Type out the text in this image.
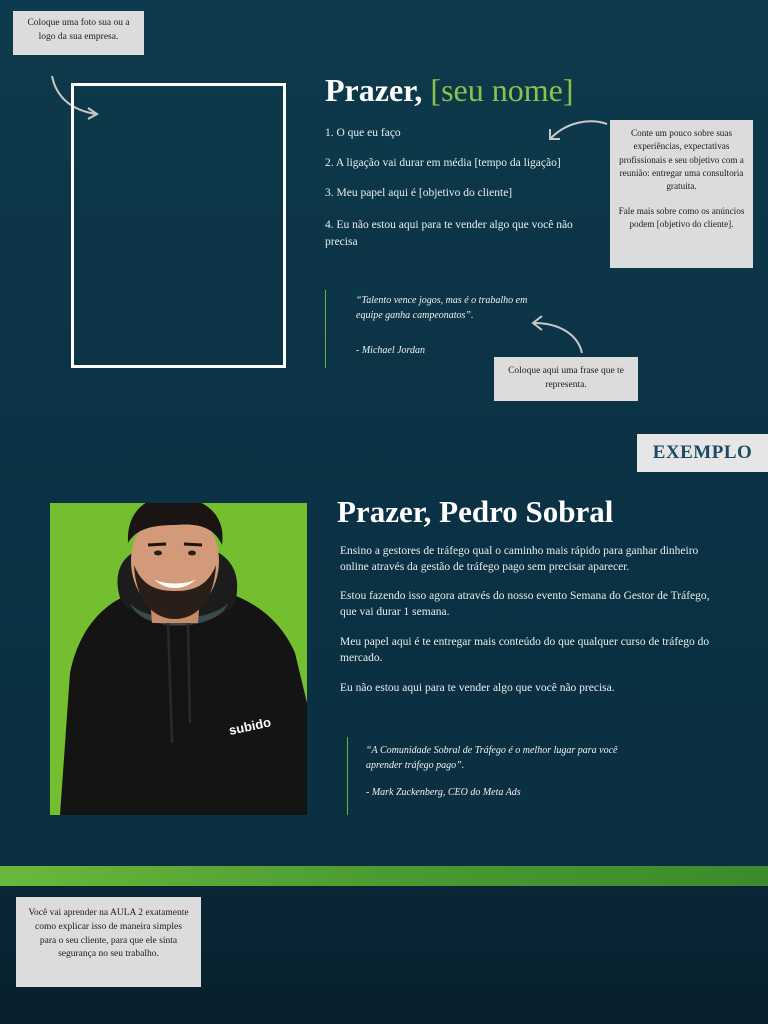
Coloque uma foto sua ou a logo da sua empresa.
Prazer, [seu nome]
1. O que eu faço
2. A ligação vai durar em média [tempo da ligação]
3. Meu papel aqui é [objetivo do cliente]
4. Eu não estou aqui para te vender algo que você não precisa
Conte um pouco sobre suas experiências, expectativas profissionais e seu objetivo com a reunião: entregar uma consultoria gratuita.
Fale mais sobre como os anúncios podem [objetivo do cliente].
“Talento vence jogos, mas é o trabalho em equipe ganha campeonatos”.
- Michael Jordan
Coloque aqui uma frase que te representa.
EXEMPLO
subido
Prazer, Pedro Sobral
Ensino a gestores de tráfego qual o caminho mais rápido para ganhar dinheiro online através da gestão de tráfego pago sem precisar aparecer.
Estou fazendo isso agora através do nosso evento Semana do Gestor de Tráfego, que vai durar 1 semana.
Meu papel aqui é te entregar mais conteúdo do que qualquer curso de tráfego do mercado.
Eu não estou aqui para te vender algo que você não precisa.
“A Comunidade Sobral de Tráfego é o melhor lugar para você aprender tráfego pago”.
- Mark Zuckenberg, CEO do Meta Ads
Você vai aprender na AULA 2 exatamente como explicar isso de maneira simples para o seu cliente, para que ele sinta segurança no seu trabalho.
